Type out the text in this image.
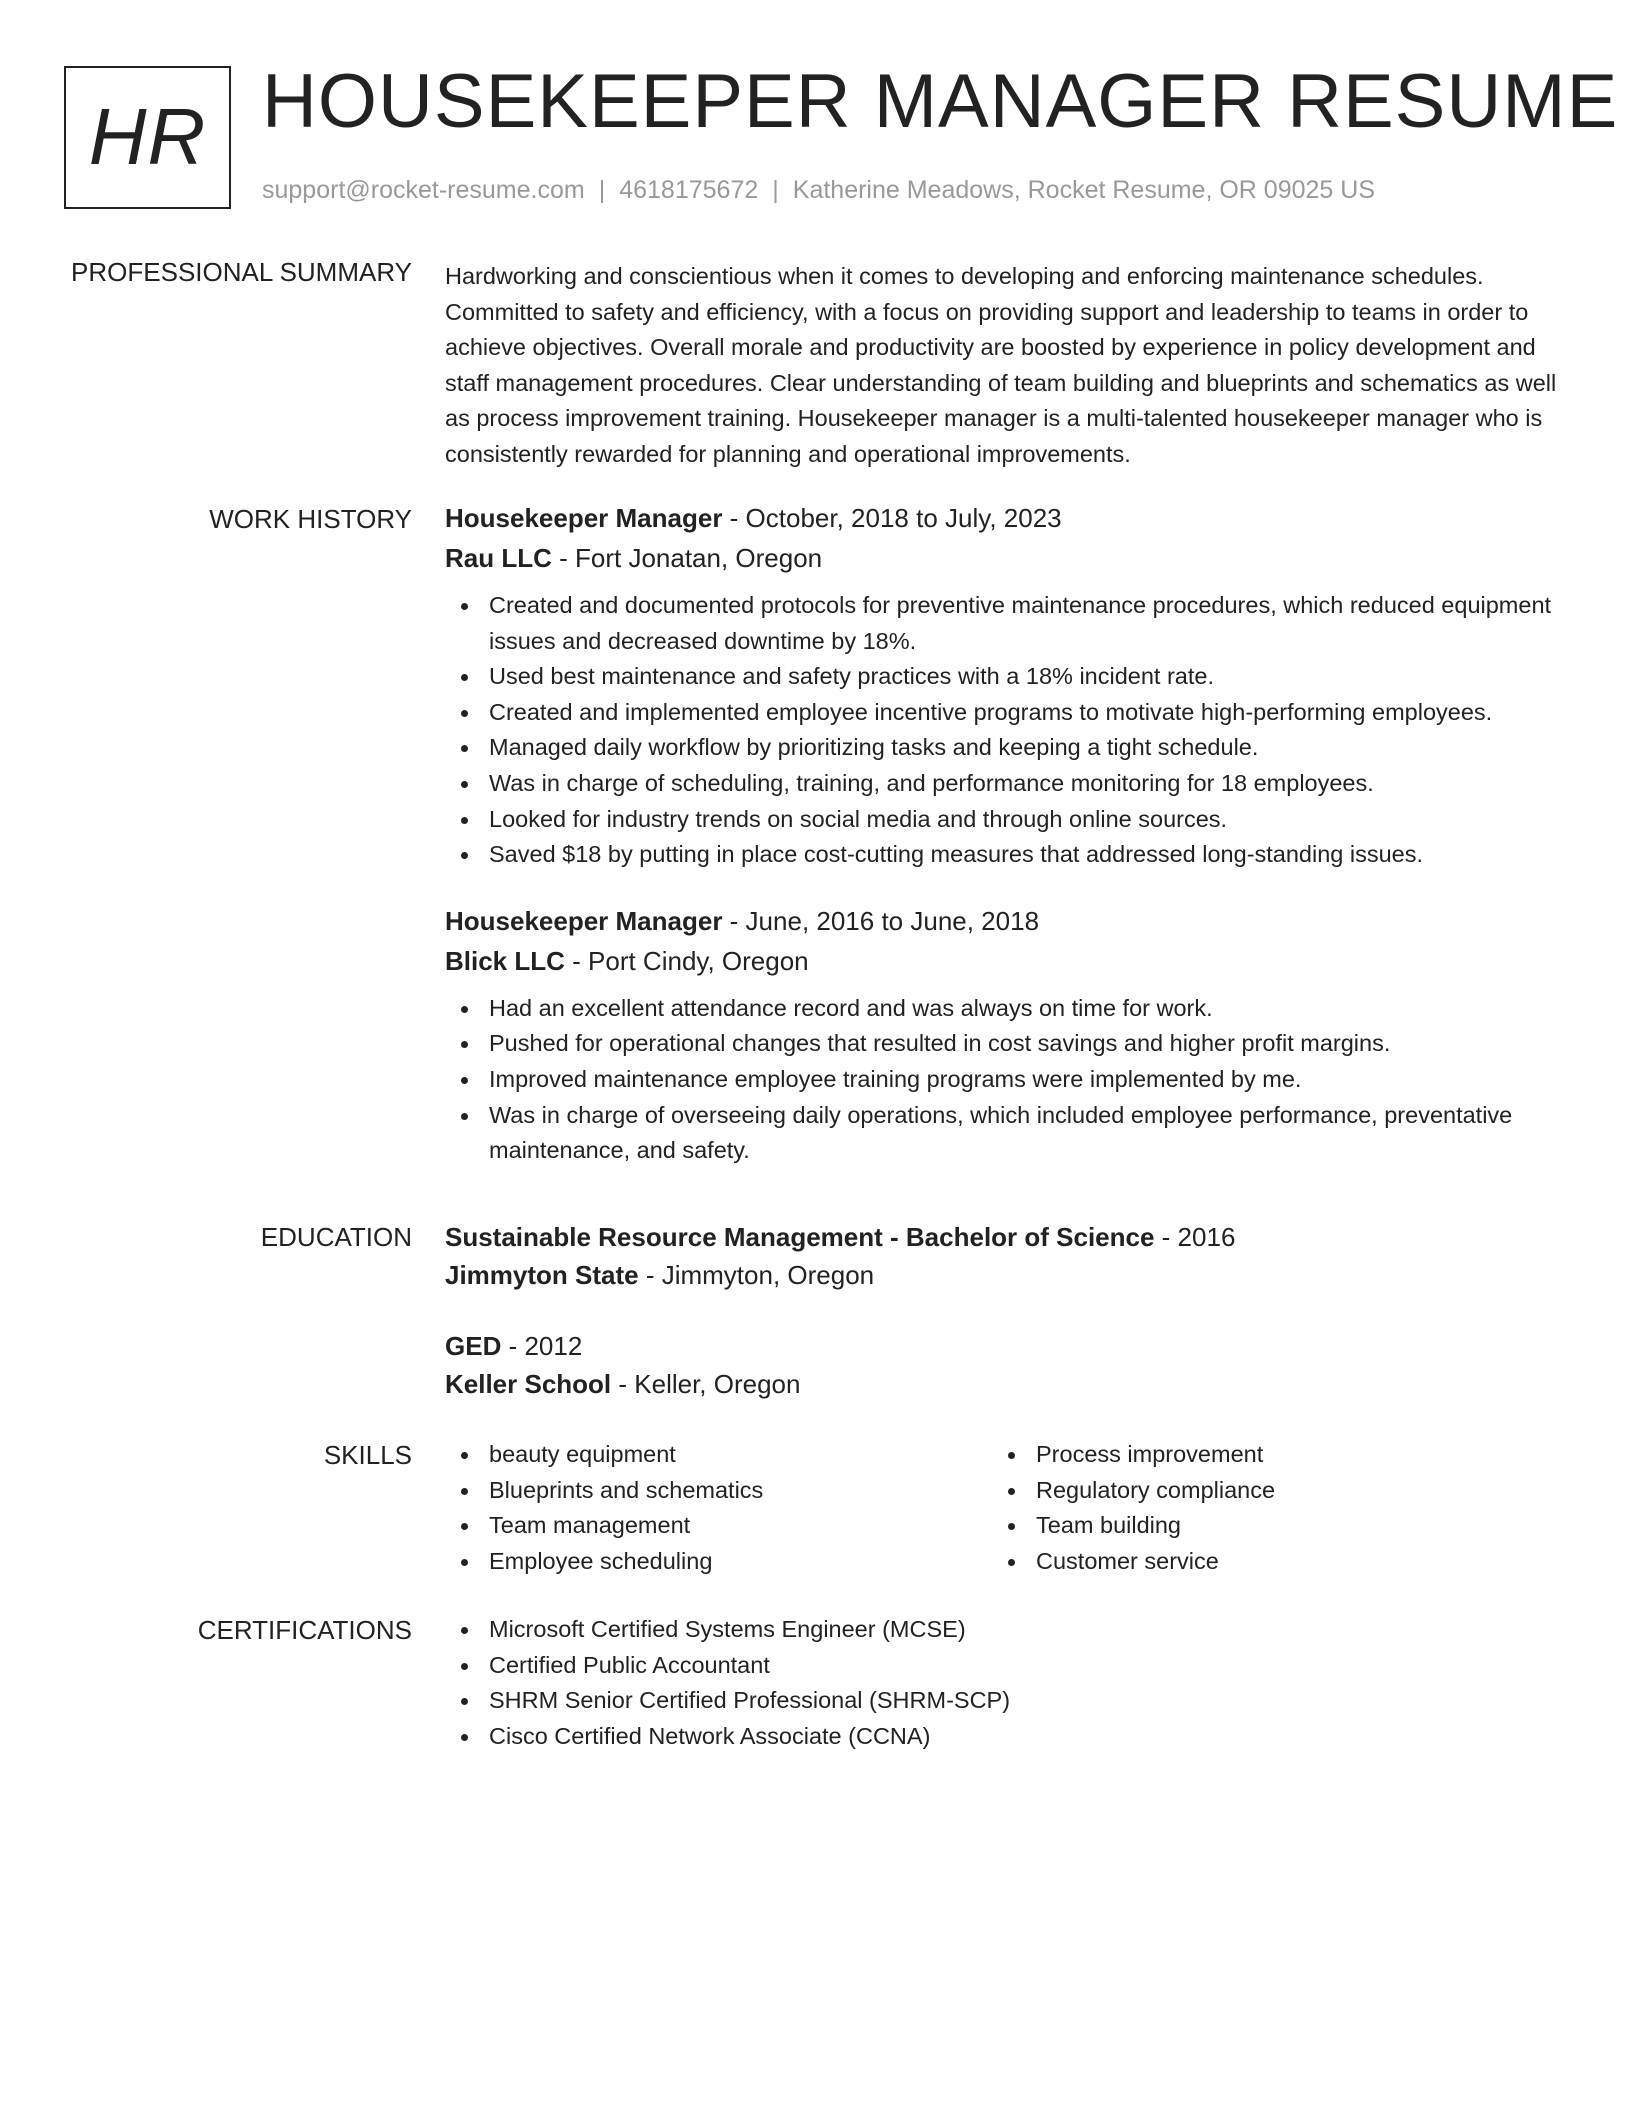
HR HOUSEKEEPER MANAGER RESUME
support@rocket-resume.com | 4618175672 | Katherine Meadows, Rocket Resume, OR 09025 US
PROFESSIONAL SUMMARY Hardworking and conscientious when it comes to developing and enforcing maintenance schedules. Committed to safety and efficiency, with a focus on providing support and leadership to teams in order to achieve objectives. Overall morale and productivity are boosted by experience in policy development and staff management procedures. Clear understanding of team building and blueprints and schematics as well as process improvement training. Housekeeper manager is a multi-talented housekeeper manager who is consistently rewarded for planning and operational improvements.
WORK HISTORY Housekeeper Manager - October, 2018 to July, 2023
Rau LLC - Fort Jonatan, Oregon
Created and documented protocols for preventive maintenance procedures, which reduced equipment issues and decreased downtime by 18%.
Used best maintenance and safety practices with a 18% incident rate.
Created and implemented employee incentive programs to motivate high-performing employees.
Managed daily workflow by prioritizing tasks and keeping a tight schedule.
Was in charge of scheduling, training, and performance monitoring for 18 employees.
Looked for industry trends on social media and through online sources.
Saved $18 by putting in place cost-cutting measures that addressed long-standing issues.
Housekeeper Manager - June, 2016 to June, 2018
Blick LLC - Port Cindy, Oregon
Had an excellent attendance record and was always on time for work.
Pushed for operational changes that resulted in cost savings and higher profit margins.
Improved maintenance employee training programs were implemented by me.
Was in charge of overseeing daily operations, which included employee performance, preventative maintenance, and safety.
EDUCATION Sustainable Resource Management - Bachelor of Science - 2016
Jimmyton State - Jimmyton, Oregon
GED - 2012
Keller School - Keller, Oregon
SKILLS	beauty equipment
Blueprints and schematics
Team management
Employee scheduling
Process improvement
Regulatory compliance
Team building
Customer service
CERTIFICATIONS	Microsoft Certified Systems Engineer (MCSE)
Certified Public Accountant
SHRM Senior Certified Professional (SHRM-SCP)
Cisco Certified Network Associate (CCNA)
